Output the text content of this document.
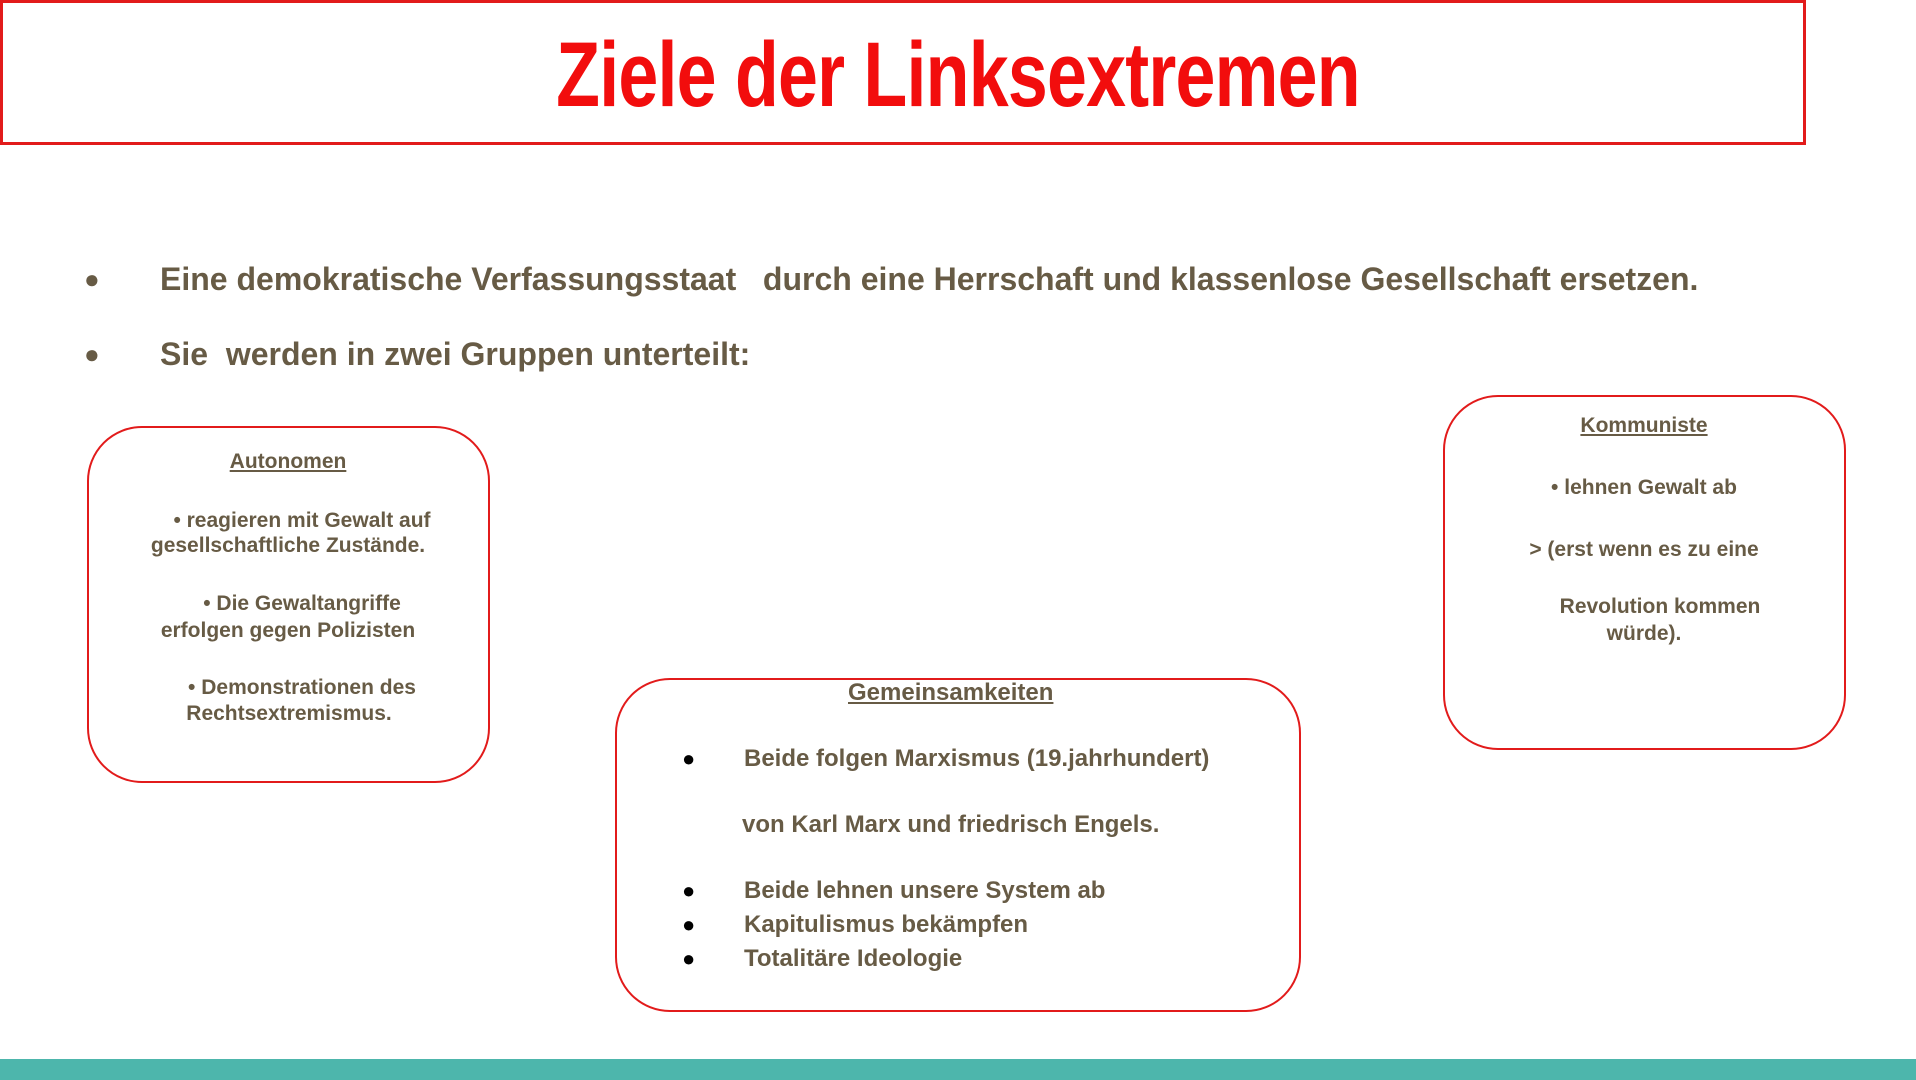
Ziele der Linksextremen

●

Eine demokratische Verfassungsstaat   durch eine Herrschaft und klassenlose Gesellschaft ersetzen.

●

Sie  werden in zwei Gruppen unterteilt:

Autonomen
• reagieren mit Gewalt auf
gesellschaftliche Zustände.
• Die Gewaltangriffe
erfolgen gegen Polizisten
• Demonstrationen des
Rechtsextremismus.
Kommuniste
• lehnen Gewalt ab
> (erst wenn es zu eine
Revolution kommen
würde).
Gemeinsamkeiten
● Beide folgen Marxismus (19.jahrhundert)
von Karl Marx und friedrisch Engels.
● Beide lehnen unsere System ab
● Kapitulismus bekämpfen
● Totalitäre Ideologie
